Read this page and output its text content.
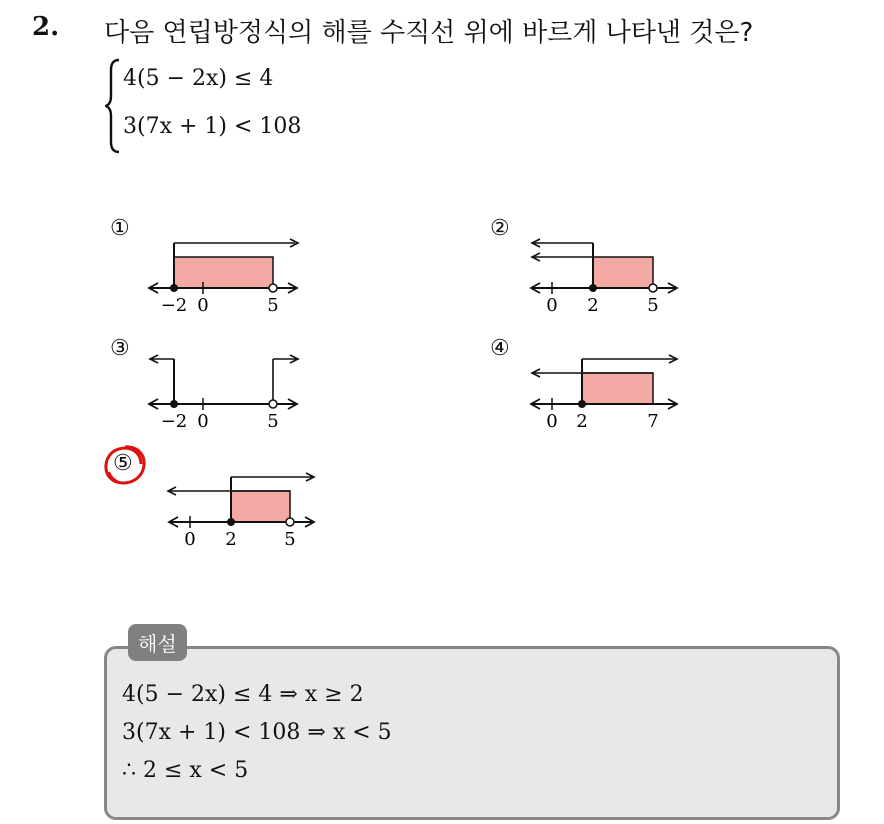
2. 다음 연립방정식의 해를 수직선 위에 바르게 나타낸 것은?
4(5 − 2x) ≤ 4
3(7x + 1) < 108
①
−2 0	5
②
0 2	5
③
−2 0	5
④
0 2	7
⑤
0 2	5
해설
4(5 − 2x) ≤ 4 ⇒ x ≥ 2
3(7x + 1) < 108 ⇒ x < 5
∴ 2 ≤ x < 5
